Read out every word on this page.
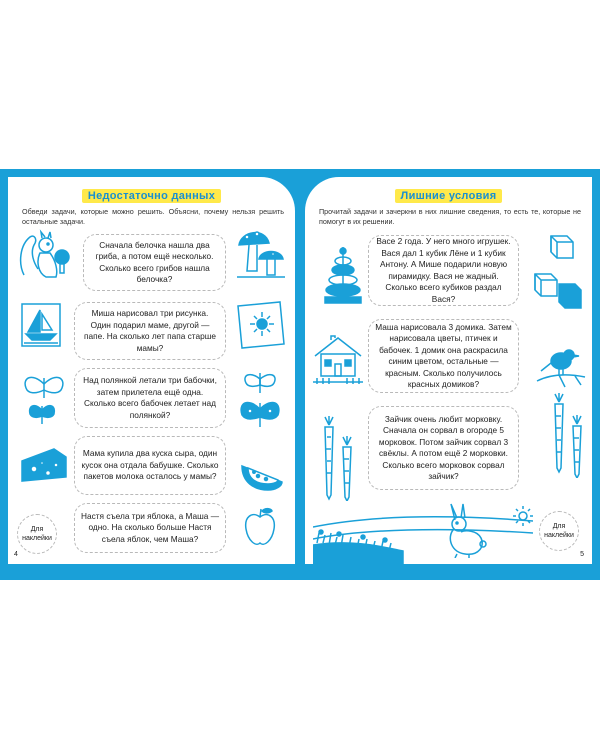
Недостаточно данных
Обведи задачи, которые можно решить. Объясни, почему нельзя решить остальные задачи.

Сначала белочка нашла два гриба, а потом ещё несколько. Сколько всего грибов нашла белочка?

Миша нарисовал три рисунка. Один подарил маме, другой — папе. На сколько лет папа старше мамы?

Над полянкой летали три бабочки, затем прилетела ещё одна. Сколько всего бабочек летает над полянкой?

Мама купила два куска сыра, один кусок она отдала бабушке. Сколько пакетов молока осталось у мамы?

Настя съела три яблока, а Маша — одно. На сколько больше Настя съела яблок, чем Маша?

Для наклейки
4
Лишние условия
Прочитай задачи и зачеркни в них лишние сведения, то есть те, которые не помогут в их решении.

Васе 2 года. У него много игрушек. Вася дал 1 кубик Лёне и 1 кубик Антону. А Мише подарили новую пирамидку. Вася не жадный. Сколько всего кубиков раздал Вася?

Маша нарисовала 3 домика. Затем нарисовала цветы, птичек и бабочек. 1 домик она раскрасила синим цветом, остальные — красным. Сколько получилось красных домиков?

Зайчик очень любит морковку. Сначала он сорвал в огороде 5 морковок. Потом зайчик сорвал 3 свёклы. А потом ещё 2 морковки. Сколько всего морковок сорвал зайчик?

Для наклейки
5
